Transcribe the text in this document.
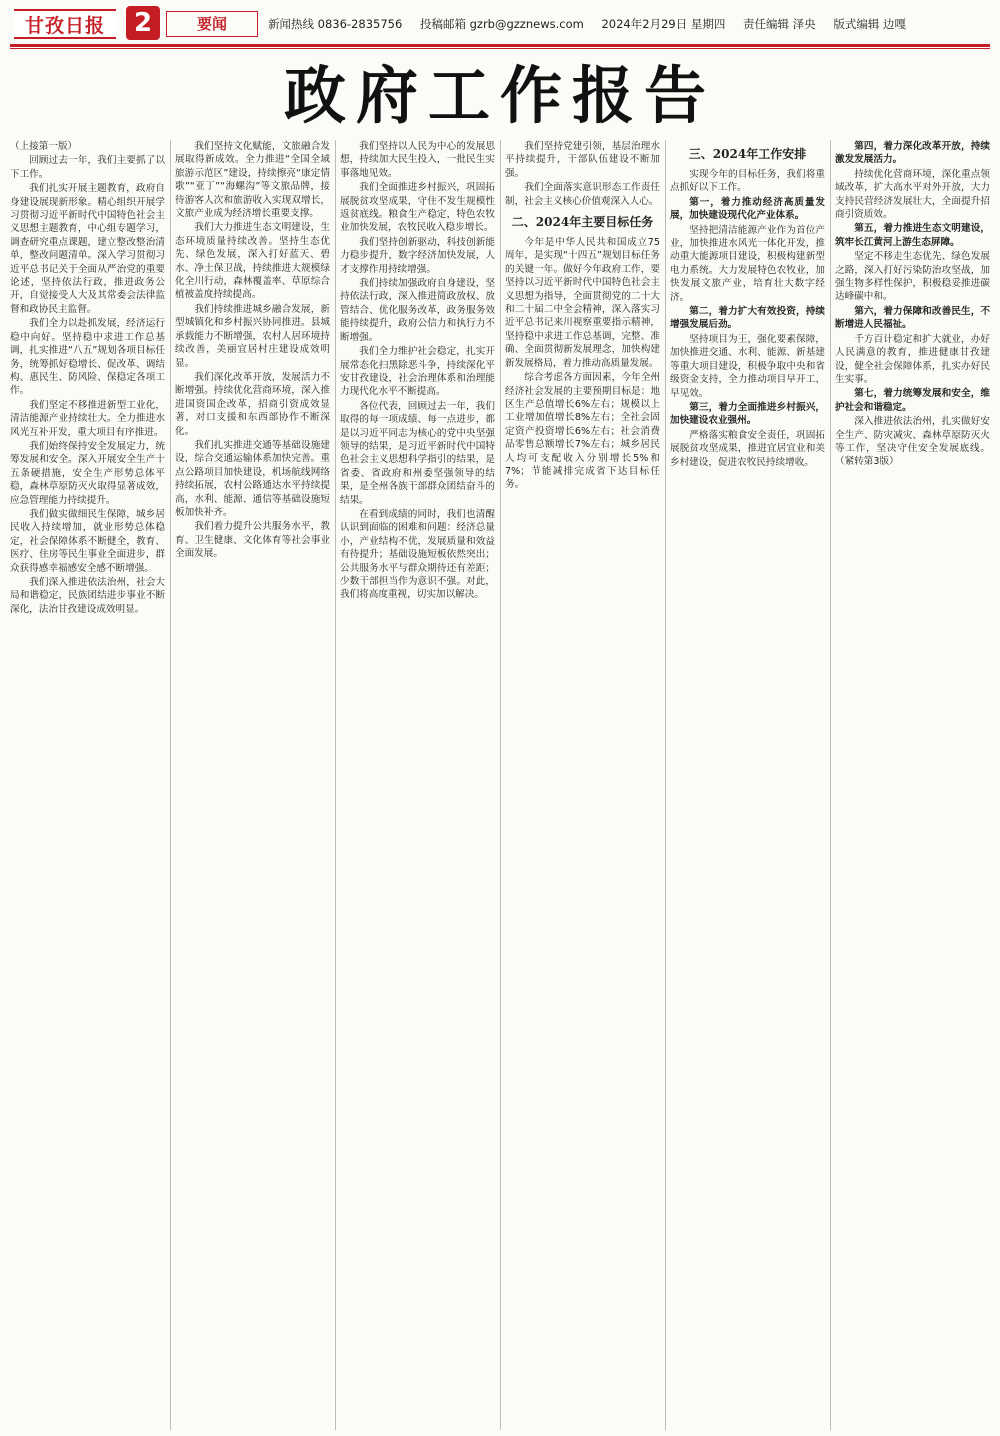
甘孜日报	2	要闻	新闻热线 0836-2835756 投稿邮箱 gzrb@gzznews.com 2024年2月29日 星期四 责任编辑 泽央 版式编辑 边嘎
政府工作报告

（上接第一版）

回顾过去一年，我们主要抓了以下工作。

我们扎实开展主题教育，政府自身建设展现新形象。精心组织开展学习贯彻习近平新时代中国特色社会主义思想主题教育，中心组专题学习，调查研究重点课题，建立整改整治清单，整改问题清单。深入学习贯彻习近平总书记关于全面从严治党的重要论述，坚持依法行政，推进政务公开，自觉接受人大及其常委会法律监督和政协民主监督。

我们全力以赴抓发展，经济运行稳中向好。坚持稳中求进工作总基调，扎实推进“八五”规划各项目标任务，统筹抓好稳增长、促改革、调结构、惠民生、防风险、保稳定各项工作。

我们坚定不移推进新型工业化，清洁能源产业持续壮大。全力推进水风光互补开发，重大项目有序推进。

我们始终保持安全发展定力，统筹发展和安全。深入开展安全生产十五条硬措施，安全生产形势总体平稳，森林草原防灭火取得显著成效，应急管理能力持续提升。

我们做实做细民生保障，城乡居民收入持续增加，就业形势总体稳定，社会保障体系不断健全，教育、医疗、住房等民生事业全面进步，群众获得感幸福感安全感不断增强。

我们深入推进依法治州，社会大局和谐稳定，民族团结进步事业不断深化，法治甘孜建设成效明显。

我们坚持文化赋能，文旅融合发展取得新成效。全力推进“全国全域旅游示范区”建设，持续擦亮“康定情歌”“亚丁”“海螺沟”等文旅品牌，接待游客人次和旅游收入实现双增长，文旅产业成为经济增长重要支撑。

我们大力推进生态文明建设，生态环境质量持续改善。坚持生态优先、绿色发展，深入打好蓝天、碧水、净土保卫战，持续推进大规模绿化全川行动，森林覆盖率、草原综合植被盖度持续提高。

我们持续推进城乡融合发展，新型城镇化和乡村振兴协同推进。县城承载能力不断增强，农村人居环境持续改善，美丽宜居村庄建设成效明显。

我们深化改革开放，发展活力不断增强。持续优化营商环境，深入推进国资国企改革，招商引资成效显著，对口支援和东西部协作不断深化。

我们扎实推进交通等基础设施建设，综合交通运输体系加快完善。重点公路项目加快建设，机场航线网络持续拓展，农村公路通达水平持续提高，水利、能源、通信等基础设施短板加快补齐。

我们着力提升公共服务水平，教育、卫生健康、文化体育等社会事业全面发展。

我们坚持以人民为中心的发展思想，持续加大民生投入，一批民生实事落地见效。

我们全面推进乡村振兴，巩固拓展脱贫攻坚成果，守住不发生规模性返贫底线。粮食生产稳定，特色农牧业加快发展，农牧民收入稳步增长。

我们坚持创新驱动，科技创新能力稳步提升，数字经济加快发展，人才支撑作用持续增强。

我们持续加强政府自身建设，坚持依法行政，深入推进简政放权、放管结合、优化服务改革，政务服务效能持续提升，政府公信力和执行力不断增强。

我们全力维护社会稳定，扎实开展常态化扫黑除恶斗争，持续深化平安甘孜建设，社会治理体系和治理能力现代化水平不断提高。

各位代表，回顾过去一年，我们取得的每一项成绩、每一点进步，都是以习近平同志为核心的党中央坚强领导的结果，是习近平新时代中国特色社会主义思想科学指引的结果，是省委、省政府和州委坚强领导的结果，是全州各族干部群众团结奋斗的结果。

在看到成绩的同时，我们也清醒认识到面临的困难和问题：经济总量小，产业结构不优，发展质量和效益有待提升；基础设施短板依然突出；公共服务水平与群众期待还有差距；少数干部担当作为意识不强。对此，我们将高度重视，切实加以解决。

我们坚持党建引领，基层治理水平持续提升，干部队伍建设不断加强。

我们全面落实意识形态工作责任制，社会主义核心价值观深入人心。

二、2024年主要目标任务

今年是中华人民共和国成立75周年，是实现“十四五”规划目标任务的关键一年。做好今年政府工作，要坚持以习近平新时代中国特色社会主义思想为指导，全面贯彻党的二十大和二十届二中全会精神，深入落实习近平总书记来川视察重要指示精神，坚持稳中求进工作总基调，完整、准确、全面贯彻新发展理念，加快构建新发展格局，着力推动高质量发展。

综合考虑各方面因素，今年全州经济社会发展的主要预期目标是：地区生产总值增长6%左右；规模以上工业增加值增长8%左右；全社会固定资产投资增长6%左右；社会消费品零售总额增长7%左右；城乡居民人均可支配收入分别增长5%和7%；节能减排完成省下达目标任务。

三、2024年工作安排

实现今年的目标任务，我们将重点抓好以下工作。

第一，着力推动经济高质量发展，加快建设现代化产业体系。

坚持把清洁能源产业作为首位产业，加快推进水风光一体化开发，推动重大能源项目建设，积极构建新型电力系统。大力发展特色农牧业，加快发展文旅产业，培育壮大数字经济。

第二，着力扩大有效投资，持续增强发展后劲。

坚持项目为王，强化要素保障，加快推进交通、水利、能源、新基建等重大项目建设，积极争取中央和省级资金支持，全力推动项目早开工、早见效。

第三，着力全面推进乡村振兴，加快建设农业强州。

严格落实粮食安全责任，巩固拓展脱贫攻坚成果，推进宜居宜业和美乡村建设，促进农牧民持续增收。

第四，着力深化改革开放，持续激发发展活力。

持续优化营商环境，深化重点领域改革，扩大高水平对外开放，大力支持民营经济发展壮大，全面提升招商引资质效。

第五，着力推进生态文明建设，筑牢长江黄河上游生态屏障。

坚定不移走生态优先、绿色发展之路，深入打好污染防治攻坚战，加强生物多样性保护，积极稳妥推进碳达峰碳中和。

第六，着力保障和改善民生，不断增进人民福祉。

千方百计稳定和扩大就业，办好人民满意的教育，推进健康甘孜建设，健全社会保障体系，扎实办好民生实事。

第七，着力统筹发展和安全，维护社会和谐稳定。

深入推进依法治州，扎实做好安全生产、防灾减灾、森林草原防灭火等工作，坚决守住安全发展底线。（紧转第3版）
